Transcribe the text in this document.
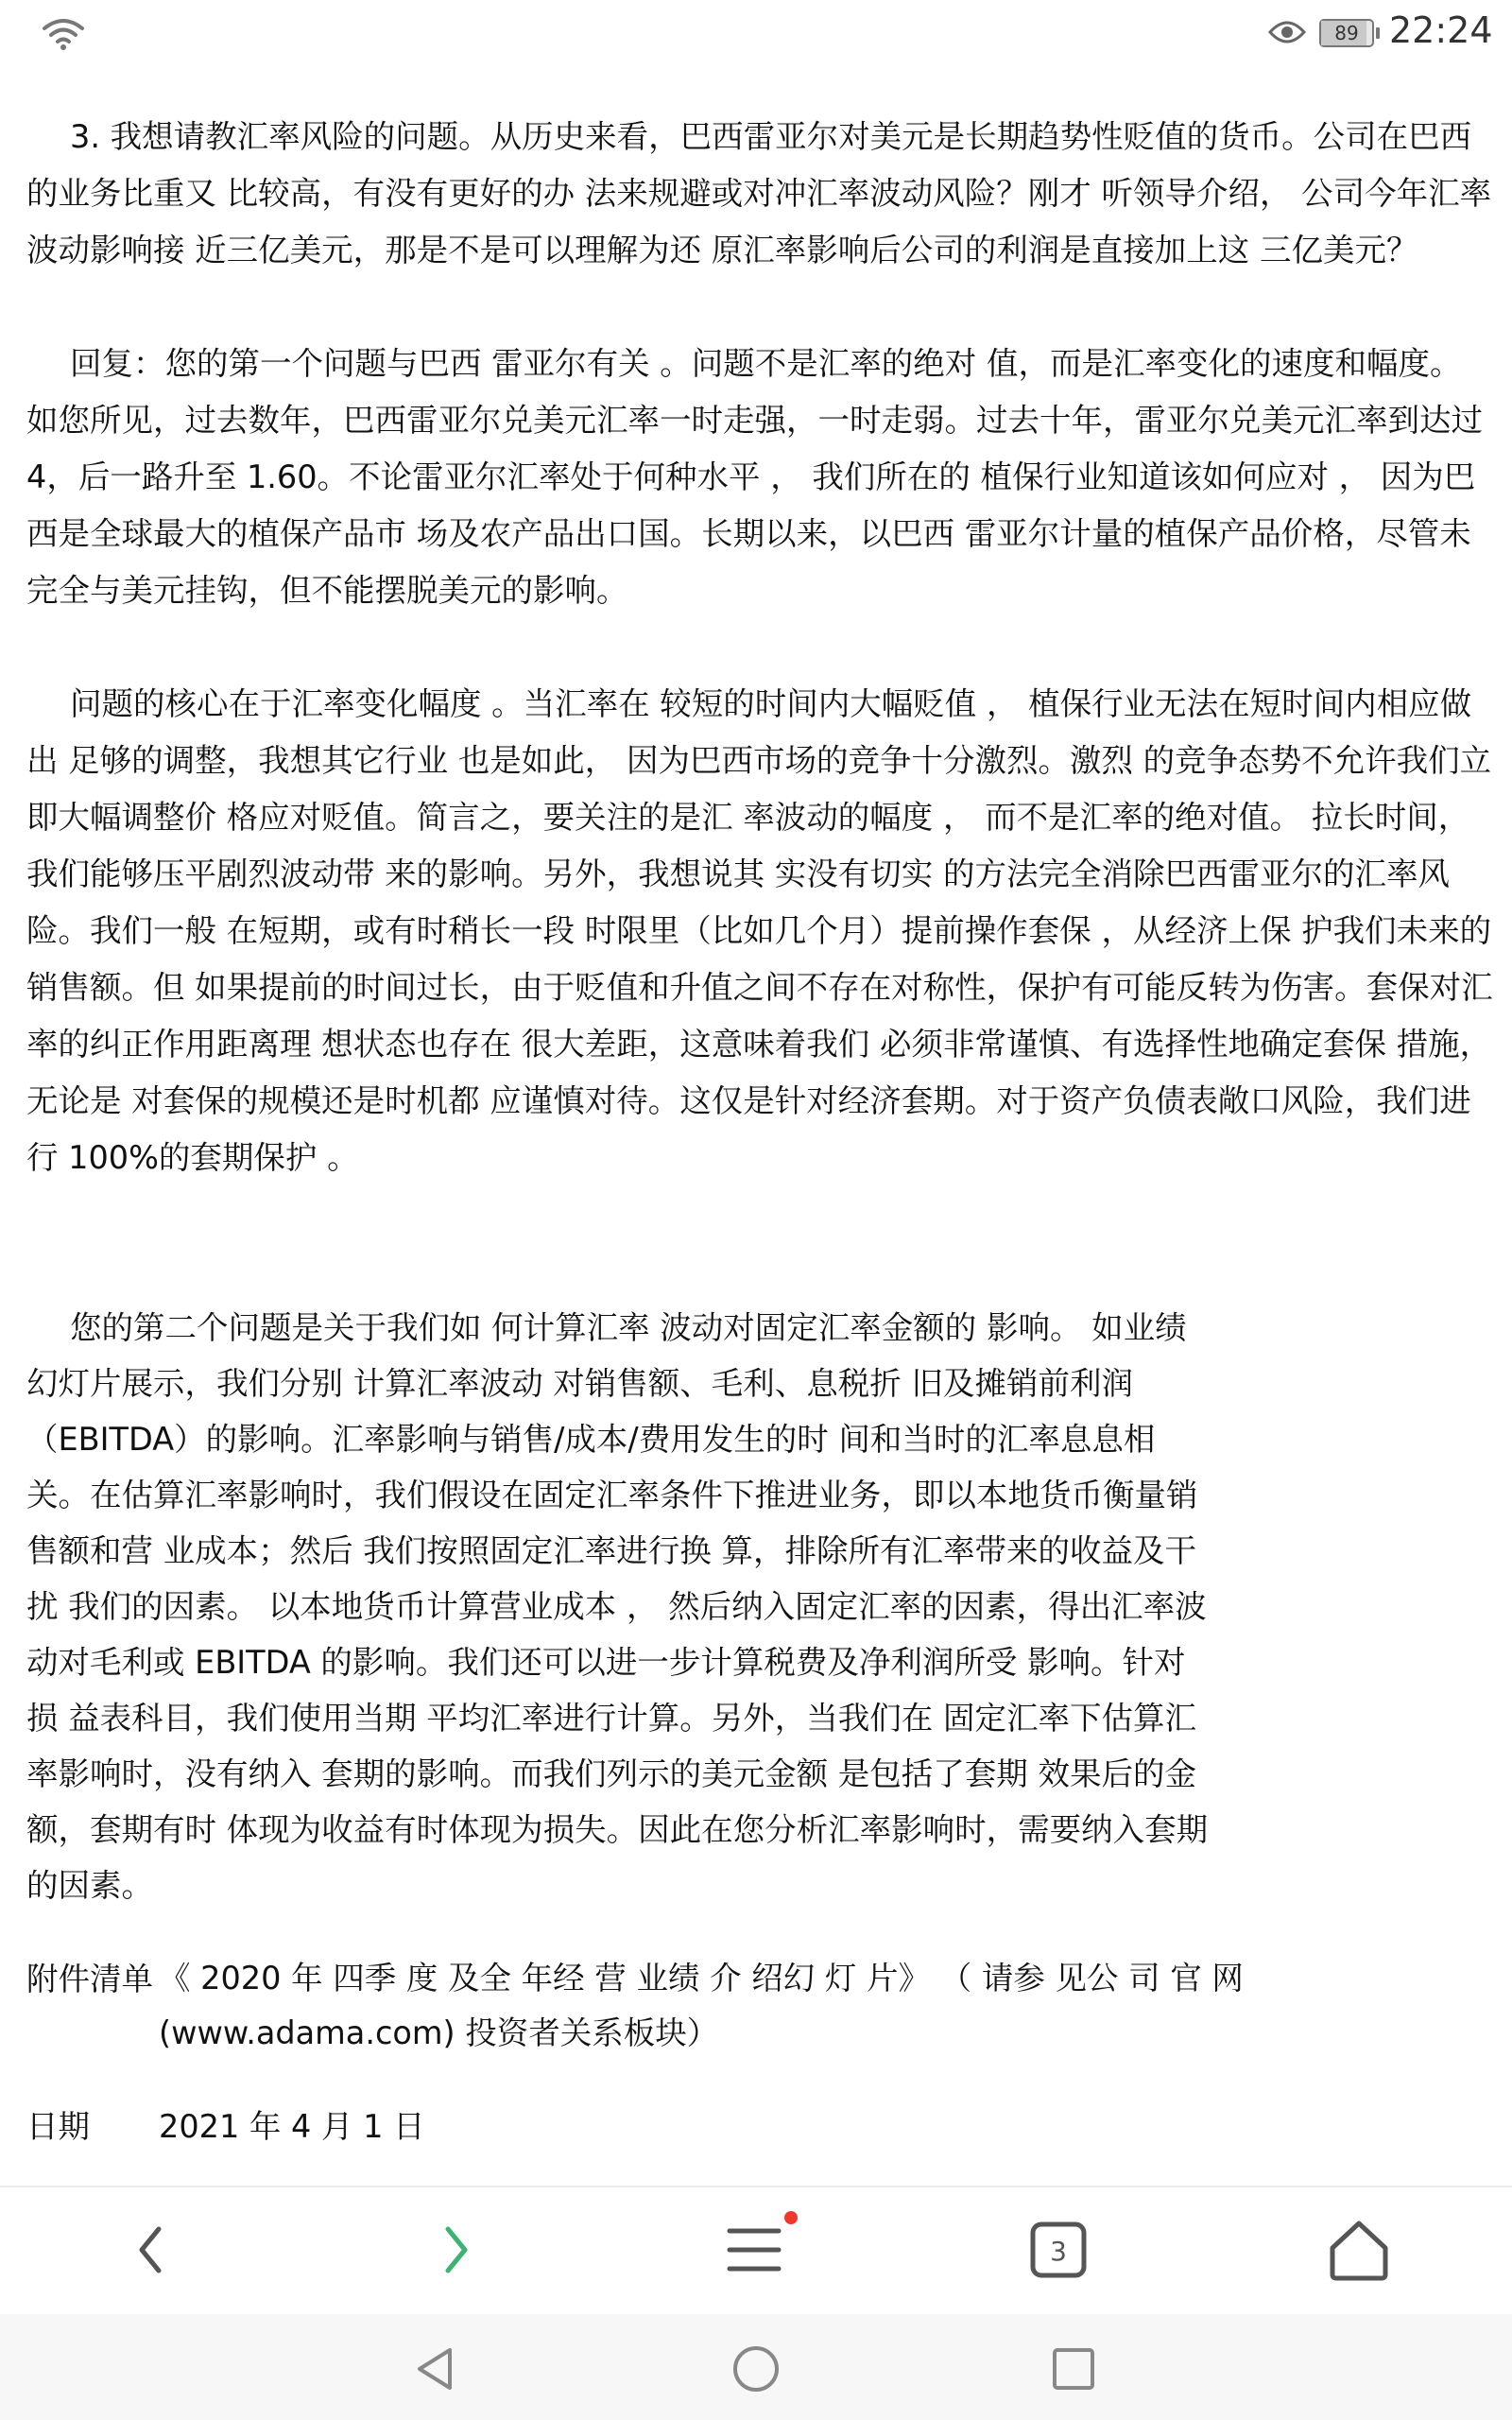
89 22:24

3. 我想请教汇率风险的问题。从历史来看，巴西雷亚尔对美元是长期趋势性贬值的货币。公司在巴西 的业务比重又 比较高，有没有更好的办 法来规避或对冲汇率波动风险？刚才 听领导介绍， 公司今年汇率 波动影响接 近三亿美元，那是不是可以理解为还 原汇率影响后公司的利润是直接加上这 三亿美元？

回复：您的第一个问题与巴西 雷亚尔有关 。问题不是汇率的绝对 值，而是汇率变化的速度和幅度。 如您所见，过去数年，巴西雷亚尔兑美元汇率一时走强，一时走弱。过去十年，雷亚尔兑美元汇率到达过 4，后一路升至 1.60。不论雷亚尔汇率处于何种水平 ， 我们所在的 植保行业知道该如何应对 ， 因为巴西是全球最大的植保产品市 场及农产品出口国。长期以来，以巴西 雷亚尔计量的植保产品价格，尽管未完全与美元挂钩，但不能摆脱美元的影响。

问题的核心在于汇率变化幅度 。当汇率在 较短的时间内大幅贬值 ， 植保行业无法在短时间内相应做出 足够的调整，我想其它行业 也是如此， 因为巴西市场的竞争十分激烈。激烈 的竞争态势不允许我们立即大幅调整价 格应对贬值。简言之，要关注的是汇 率波动的幅度 ， 而不是汇率的绝对值。 拉长时间，我们能够压平剧烈波动带 来的影响。另外，我想说其 实没有切实 的方法完全消除巴西雷亚尔的汇率风 险。我们一般 在短期，或有时稍长一段 时限里（比如几个月）提前操作套保 ，从经济上保 护我们未来的销售额。但 如果提前的时间过长，由于贬值和升值之间不存在对称性，保护有可能反转为伤害。套保对汇率的纠正作用距离理 想状态也存在 很大差距，这意味着我们 必须非常谨慎、有选择性地确定套保 措施，无论是 对套保的规模还是时机都 应谨慎对待。这仅是针对经济套期。对于资产负债表敞口风险，我们进行 100%的套期保护 。

您的第二个问题是关于我们如 何计算汇率 波动对固定汇率金额的 影响。 如业绩幻灯片展示，我们分别 计算汇率波动 对销售额、毛利、息税折 旧及摊销前利润（EBITDA）的影响。汇率影响与销售/成本/费用发生的时 间和当时的汇率息息相关。在估算汇率影响时，我们假设在固定汇率条件下推进业务，即以本地货币衡量销售额和营 业成本；然后 我们按照固定汇率进行换 算，排除所有汇率带来的收益及干扰 我们的因素。 以本地货币计算营业成本 ， 然后纳入固定汇率的因素，得出汇率波动对毛利或 EBITDA 的影响。我们还可以进一步计算税费及净利润所受 影响。针对损 益表科目，我们使用当期 平均汇率进行计算。另外，当我们在 固定汇率下估算汇率影响时，没有纳入 套期的影响。而我们列示的美元金额 是包括了套期 效果后的金额，套期有时 体现为收益有时体现为损失。因此在您分析汇率影响时，需要纳入套期的因素。

附件清单 《 2020 年 四季 度 及全 年经 营 业绩 介 绍幻 灯 片》 （ 请参 见公 司 官 网 (www.adama.com) 投资者关系板块）
日期	2021 年 4 月 1 日
3
